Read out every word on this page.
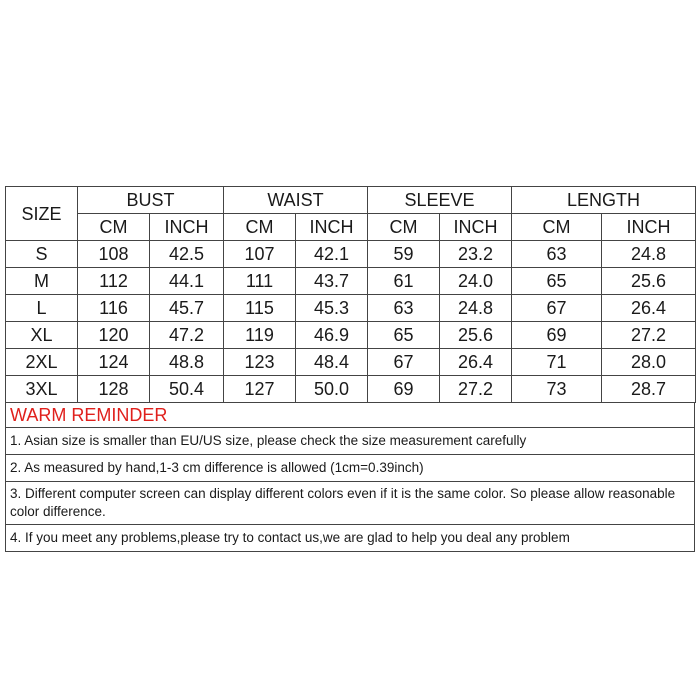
SIZE	BUST		WAIST		SLEEVE		LENGTH	
	CM	INCH	CM	INCH	CM	INCH	CM	INCH
S	108	42.5	107	42.1	59	23.2	63	24.8
M	112	44.1	111	43.7	61	24.0	65	25.6
L	116	45.7	115	45.3	63	24.8	67	26.4
XL	120	47.2	119	46.9	65	25.6	69	27.2
2XL	124	48.8	123	48.4	67	26.4	71	28.0
3XL	128	50.4	127	50.0	69	27.2	73	28.7
WARM REMINDER
1. Asian size is smaller than EU/US size, please check the size measurement carefully
2. As measured by hand,1-3 cm difference is allowed (1cm=0.39inch)
3. Different computer screen can display different colors even if it is the same color. So please allow reasonable color difference.
4. If you meet any problems,please try to contact us,we are glad to help you deal any problem
